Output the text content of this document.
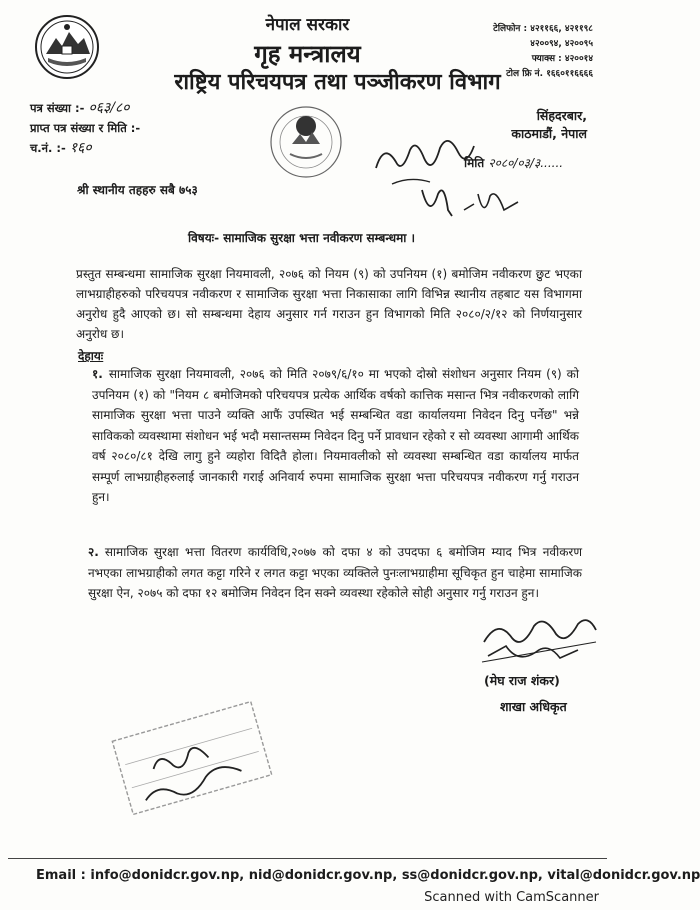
नेपाल सरकार
गृह मन्त्रालय
राष्ट्रिय परिचयपत्र तथा पञ्जीकरण विभाग
टेलिफोन : ४२११६६, ४२११९८
४२००९४, ४२००९५
फ्याक्स : ४२००१४
टोल फ्रि नं. १६६०११६६६६
पत्र संख्या :- ०६३/८०
प्राप्त पत्र संख्या र मिति :-
च.नं. :- १६०
सिंहदरबार,
काठमाडौं, नेपाल
मिति २०८०/०३/३......
श्री स्थानीय तहहरु सबै ७५३
विषयः- सामाजिक सुरक्षा भत्ता नवीकरण सम्बन्धमा ।
प्रस्तुत सम्बन्धमा सामाजिक सुरक्षा नियमावली, २०७६ को नियम (९) को उपनियम (१) बमोजिम नवीकरण छुट भएका लाभग्राहीहरुको परिचयपत्र नवीकरण र सामाजिक सुरक्षा भत्ता निकासाका लागि विभिन्न स्थानीय तहबाट यस विभागमा अनुरोध हुदै आएको छ। सो सम्बन्धमा देहाय अनुसार गर्न गराउन हुन विभागको मिति २०८०/२/१२ को निर्णयानुसार अनुरोध छ।
देहायः
१. सामाजिक सुरक्षा नियमावली, २०७६ को मिति २०७९/६/१० मा भएको दोस्रो संशोधन अनुसार नियम (९) को उपनियम (१) को "नियम ८ बमोजिमको परिचयपत्र प्रत्येक आर्थिक वर्षको कात्तिक मसान्त भित्र नवीकरणको लागि सामाजिक सुरक्षा भत्ता पाउने व्यक्ति आफैं उपस्थित भई सम्बन्धित वडा कार्यालयमा निवेदन दिनु पर्नेछ" भन्ने साविकको व्यवस्थामा संशोधन भई भदौ मसान्तसम्म निवेदन दिनु पर्ने प्रावधान रहेको र सो व्यवस्था आगामी आर्थिक वर्ष २०८०/८१ देखि लागु हुने व्यहोरा विदितै होला। नियमावलीको सो व्यवस्था सम्बन्धित वडा कार्यालय मार्फत सम्पूर्ण लाभग्राहीहरुलाई जानकारी गराई अनिवार्य रुपमा सामाजिक सुरक्षा भत्ता परिचयपत्र नवीकरण गर्नु गराउन हुन।
२. सामाजिक सुरक्षा भत्ता वितरण कार्यविधि,२०७७ को दफा ४ को उपदफा ६ बमोजिम म्याद भित्र नवीकरण नभएका लाभग्राहीको लगत कट्टा गरिने र लगत कट्टा भएका व्यक्तिले पुनःलाभग्राहीमा सूचिकृत हुन चाहेमा सामाजिक सुरक्षा ऐन, २०७५ को दफा १२ बमोजिम निवेदन दिन सक्ने व्यवस्था रहेकोले सोही अनुसार गर्नु गराउन हुन।
(मेघ राज शंकर)
शाखा अधिकृत
Email : info@donidcr.gov.np, nid@donidcr.gov.np, ss@donidcr.gov.np, vital@donidcr.gov.np
Scanned with CamScanner
